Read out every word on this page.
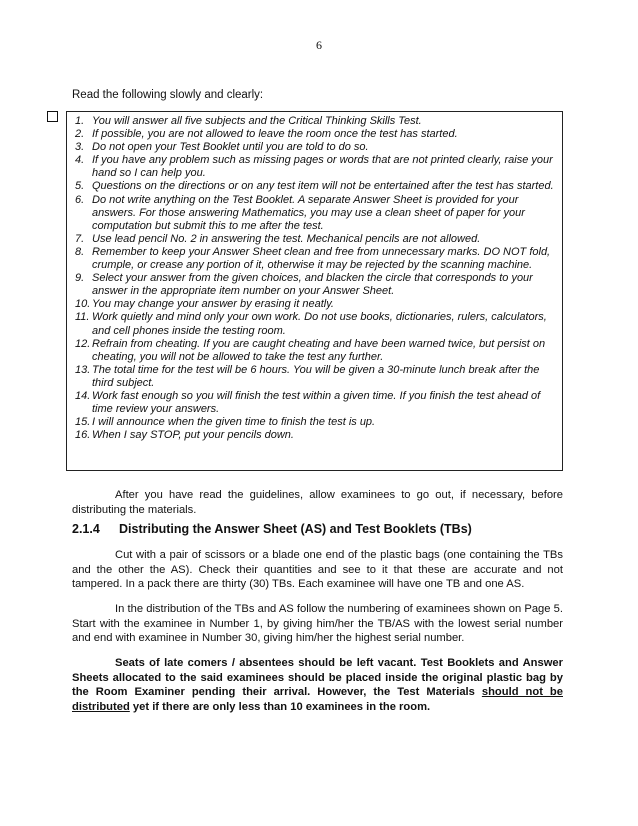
6
Read the following slowly and clearly:
1. You will answer all five subjects and the Critical Thinking Skills Test.
2. If possible, you are not allowed to leave the room once the test has started.
3. Do not open your Test Booklet until you are told to do so.
4. If you have any problem such as missing pages or words that are not printed clearly, raise your hand so I can help you.
5. Questions on the directions or on any test item will not be entertained after the test has started.
6. Do not write anything on the Test Booklet. A separate Answer Sheet is provided for your answers. For those answering Mathematics, you may use a clean sheet of paper for your computation but submit this to me after the test.
7. Use lead pencil No. 2 in answering the test. Mechanical pencils are not allowed.
8. Remember to keep your Answer Sheet clean and free from unnecessary marks. DO NOT fold, crumple, or crease any portion of it, otherwise it may be rejected by the scanning machine.
9. Select your answer from the given choices, and blacken the circle that corresponds to your answer in the appropriate item number on your Answer Sheet.
10. You may change your answer by erasing it neatly.
11. Work quietly and mind only your own work. Do not use books, dictionaries, rulers, calculators, and cell phones inside the testing room.
12. Refrain from cheating. If you are caught cheating and have been warned twice, but persist on cheating, you will not be allowed to take the test any further.
13. The total time for the test will be 6 hours. You will be given a 30-minute lunch break after the third subject.
14. Work fast enough so you will finish the test within a given time. If you finish the test ahead of time review your answers.
15. I will announce when the given time to finish the test is up.
16. When I say STOP, put your pencils down.

After you have read the guidelines, allow examinees to go out, if necessary, before distributing the materials.

2.1.4 Distributing the Answer Sheet (AS) and Test Booklets (TBs)

Cut with a pair of scissors or a blade one end of the plastic bags (one containing the TBs and the other the AS). Check their quantities and see to it that these are accurate and not tampered. In a pack there are thirty (30) TBs. Each examinee will have one TB and one AS.

In the distribution of the TBs and AS follow the numbering of examinees shown on Page 5. Start with the examinee in Number 1, by giving him/her the TB/AS with the lowest serial number and end with examinee in Number 30, giving him/her the highest serial number.

Seats of late comers / absentees should be left vacant. Test Booklets and Answer Sheets allocated to the said examinees should be placed inside the original plastic bag by the Room Examiner pending their arrival. However, the Test Materials should not be distributed yet if there are only less than 10 examinees in the room.
